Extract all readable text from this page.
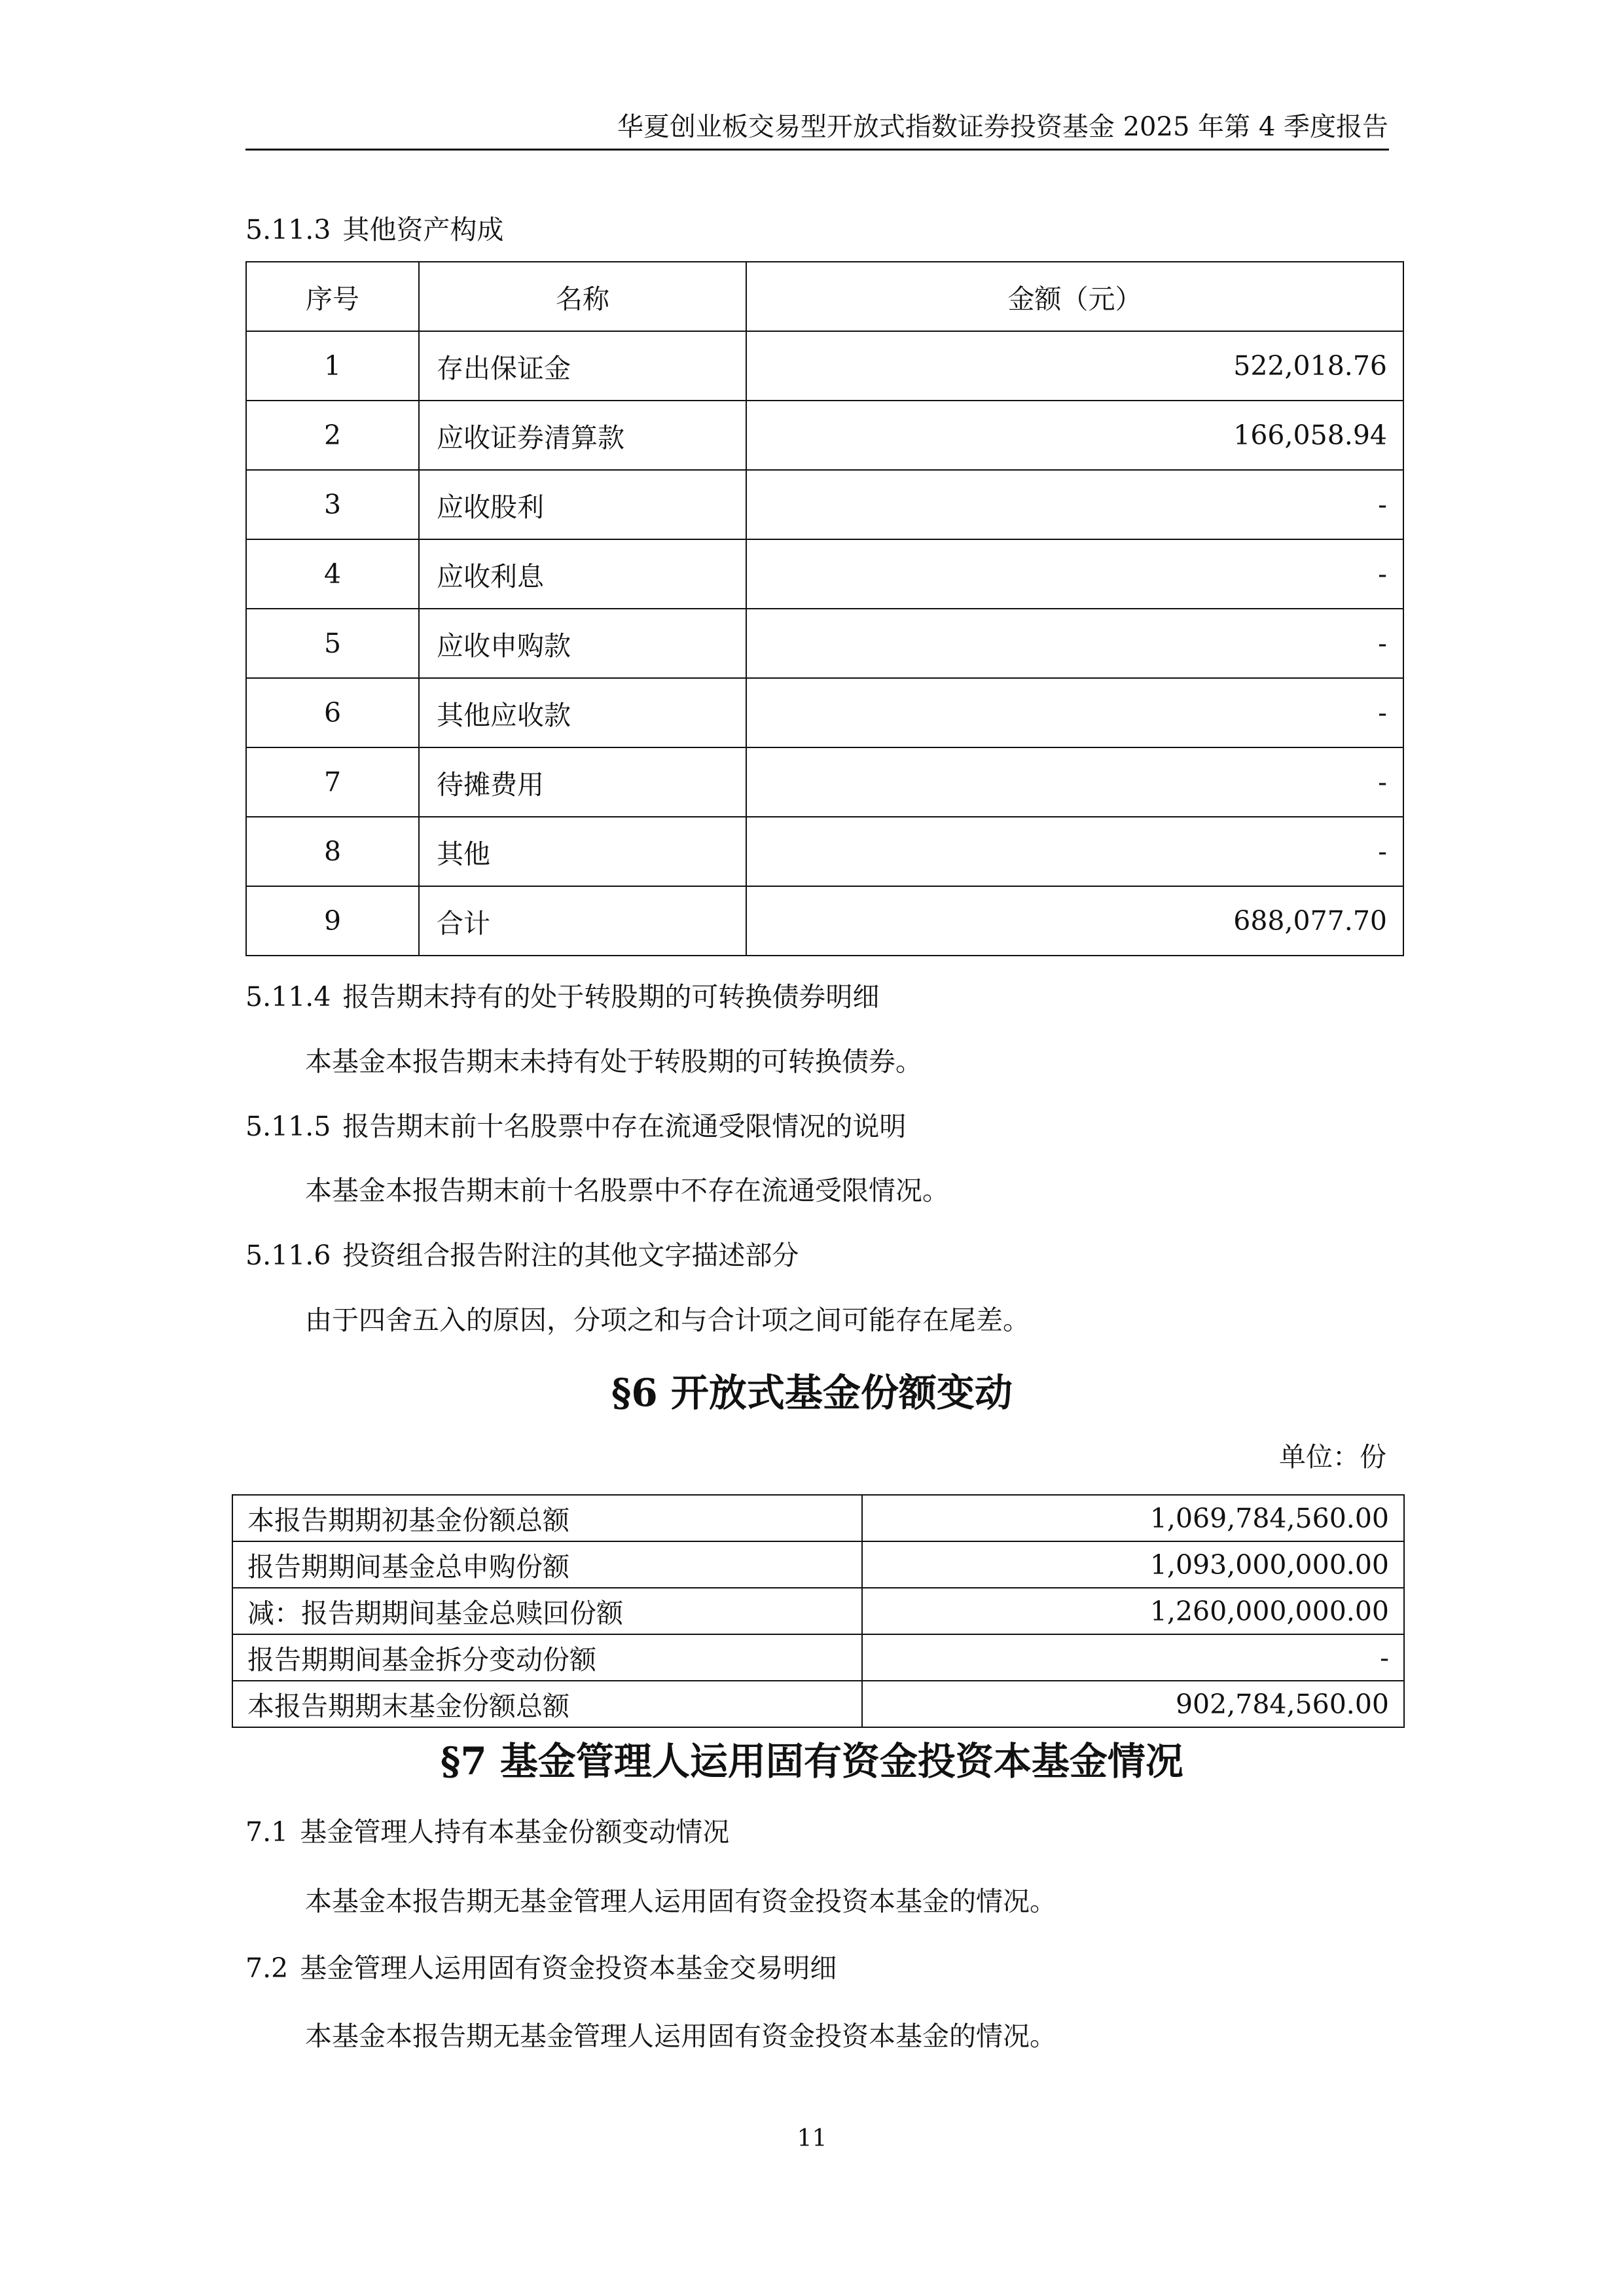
华夏创业板交易型开放式指数证券投资基金 2025 年第 4 季度报告
5.11.3 其他资产构成
序号	名称	金额（元）
1	存出保证金	522,018.76
2	应收证券清算款	166,058.94
3	应收股利	-
4	应收利息	-
5	应收申购款	-
6	其他应收款	-
7	待摊费用	-
8	其他	-
9	合计	688,077.70
5.11.4 报告期末持有的处于转股期的可转换债券明细
本基金本报告期末未持有处于转股期的可转换债券。
5.11.5 报告期末前十名股票中存在流通受限情况的说明
本基金本报告期末前十名股票中不存在流通受限情况。
5.11.6 投资组合报告附注的其他文字描述部分
由于四舍五入的原因，分项之和与合计项之间可能存在尾差。
§6 开放式基金份额变动
单位：份
本报告期期初基金份额总额	1,069,784,560.00
报告期期间基金总申购份额	1,093,000,000.00
减：报告期期间基金总赎回份额	1,260,000,000.00
报告期期间基金拆分变动份额	-
本报告期期末基金份额总额	902,784,560.00
§7 基金管理人运用固有资金投资本基金情况
7.1 基金管理人持有本基金份额变动情况
本基金本报告期无基金管理人运用固有资金投资本基金的情况。
7.2 基金管理人运用固有资金投资本基金交易明细
本基金本报告期无基金管理人运用固有资金投资本基金的情况。
11
